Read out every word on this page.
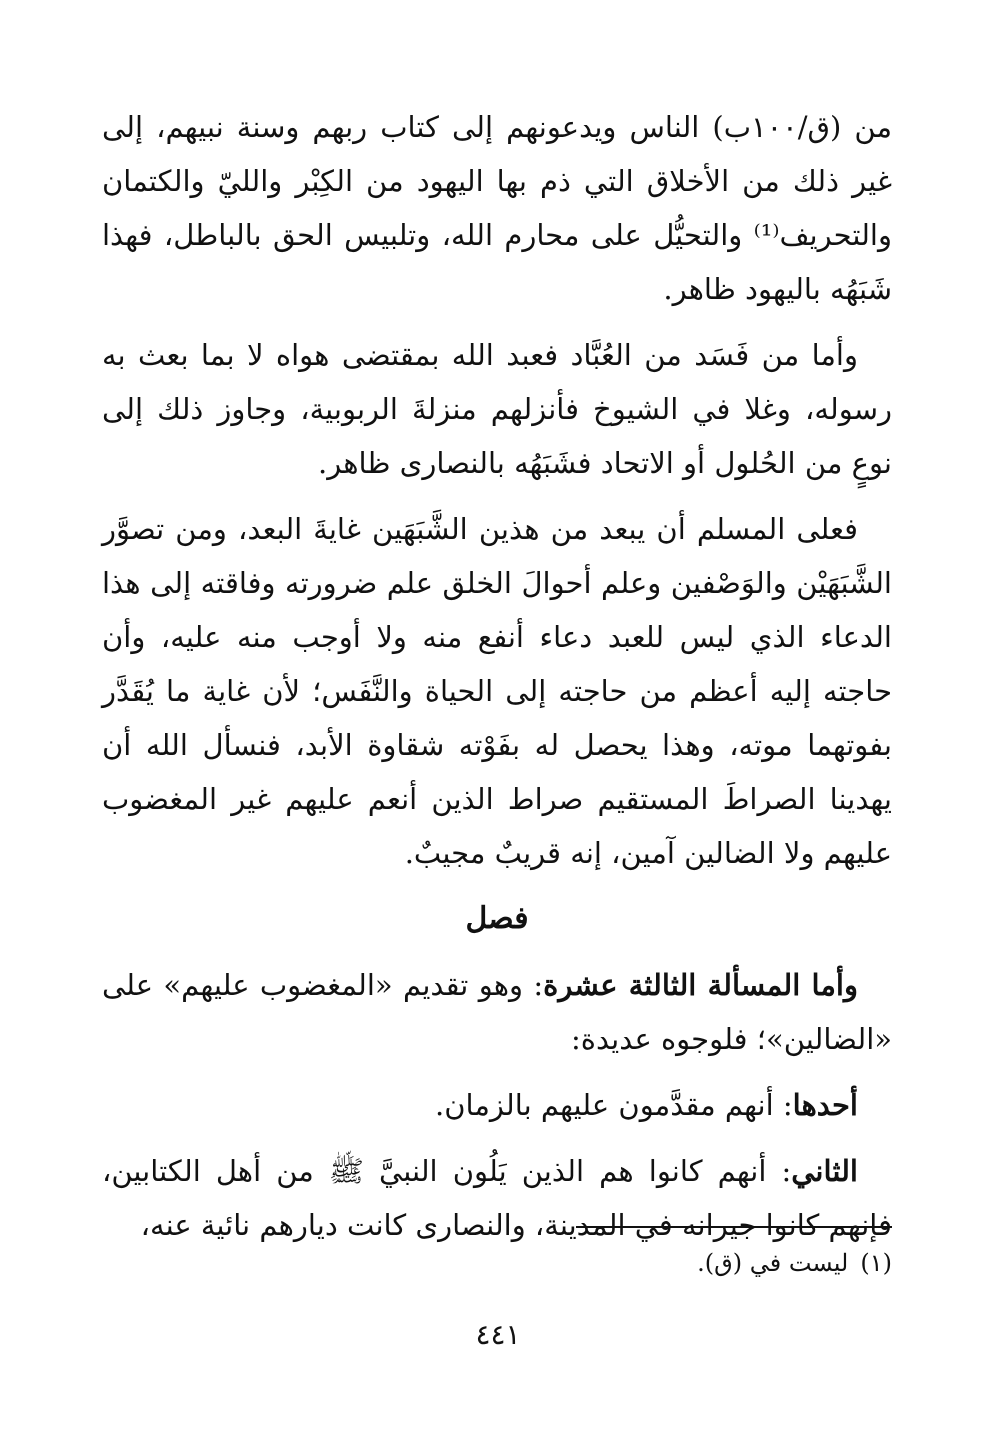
من (ق/١٠٠ب) الناس ويدعونهم إلى كتاب ربهم وسنة نبيهم، إلى غير ذلك من الأخلاق التي ذم بها اليهود من الكِبْر والليّ والكتمان والتحريف⁽¹⁾ والتحيُّل على محارم الله، وتلبيس الحق بالباطل، فهذا شَبَهُه باليهود ظاهر.

وأما من فَسَد من العُبَّاد فعبد الله بمقتضى هواه لا بما بعث به رسوله، وغلا في الشيوخ فأنزلهم منزلةَ الربوبية، وجاوز ذلك إلى نوعٍ من الحُلول أو الاتحاد فشَبَهُه بالنصارى ظاهر.

فعلى المسلم أن يبعد من هذين الشَّبَهَين غايةَ البعد، ومن تصوَّر الشَّبَهَيْن والوَصْفين وعلم أحوالَ الخلق علم ضرورته وفاقته إلى هذا الدعاء الذي ليس للعبد دعاء أنفع منه ولا أوجب منه عليه، وأن حاجته إليه أعظم من حاجته إلى الحياة والنَّفَس؛ لأن غاية ما يُقَدَّر بفوتهما موته، وهذا يحصل له بفَوْته شقاوة الأبد، فنسأل الله أن يهدينا الصراطَ المستقيم صراط الذين أنعم عليهم غير المغضوب عليهم ولا الضالين آمين، إنه قريبٌ مجيبٌ.

فصل

وأما المسألة الثالثة عشرة: وهو تقديم «المغضوب عليهم» على «الضالين»؛ فلوجوه عديدة:

أحدها: أنهم مقدَّمون عليهم بالزمان.

الثاني: أنهم كانوا هم الذين يَلُون النبيَّ ﷺ من أهل الكتابين، فإنهم كانوا جيرانه في المدينة، والنصارى كانت ديارهم نائية عنه،

(١)ليست في (ق).
٤٤١
